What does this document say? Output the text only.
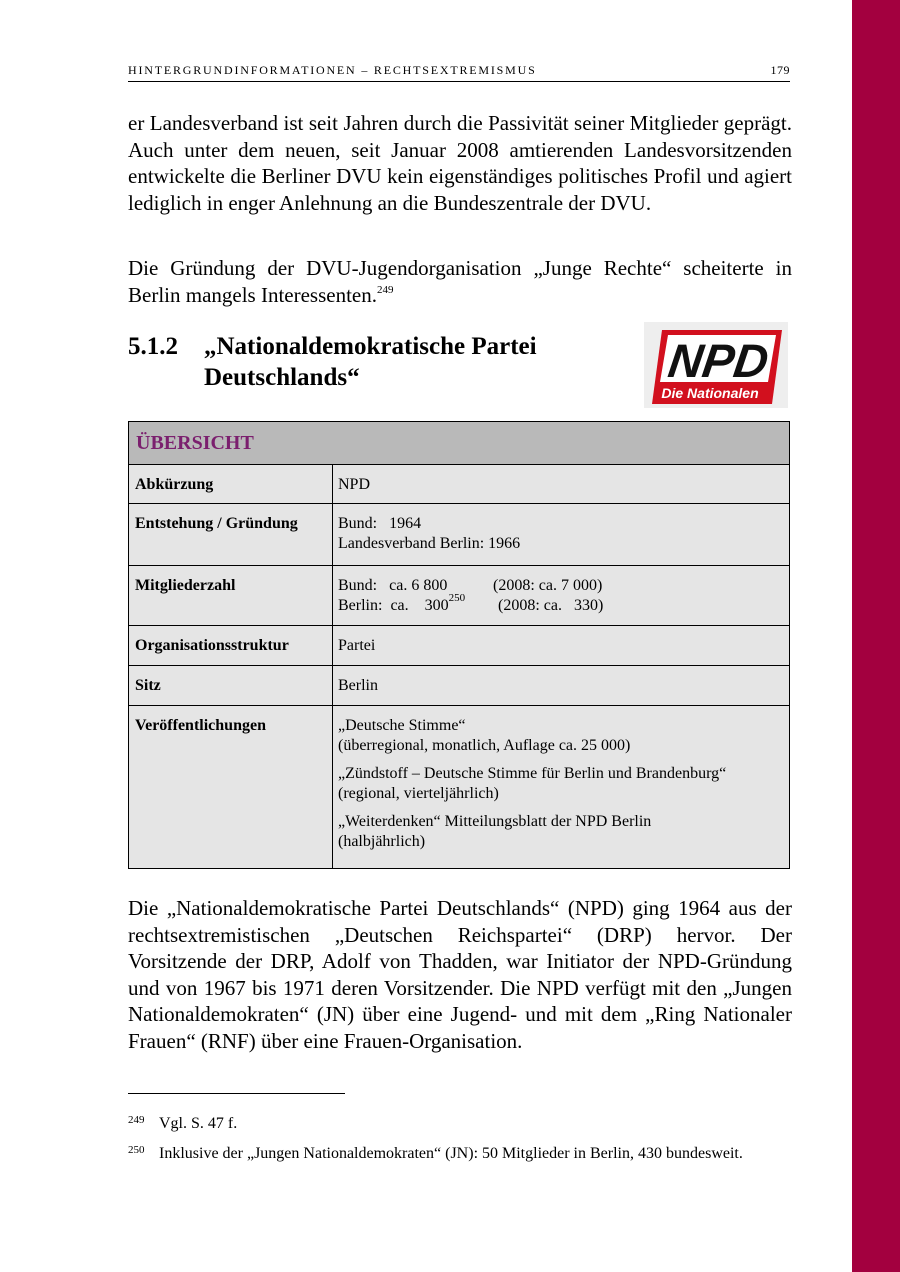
HINTERGRUNDINFORMATIONEN – RECHTSEXTREMISMUS	179
er Landesverband ist seit Jahren durch die Passivität seiner Mitglieder geprägt. Auch unter dem neuen, seit Januar 2008 amtierenden Landesvorsitzenden entwickelte die Berliner DVU kein eigenständiges politisches Profil und agiert lediglich in enger Anlehnung an die Bundeszentrale der DVU.
Die Gründung der DVU-Jugendorganisation „Junge Rechte“ scheiterte in Berlin mangels Interessenten.$^{249}$
5.1.2 „Nationaldemokratische Partei Deutschlands“	NPD
Die Nationalen
ÜBERSICHT
Abkürzung	NPD
Entstehung / Gründung	Bund:   1964
Landesverband Berlin: 1966
Mitgliederzahl	Bund:   ca. 6 800	(2008: ca. 7 000)
Berlin:  ca.    $300^{250}$ (2008: ca.   330)
Organisationsstruktur	Partei
Sitz	Berlin
Veröffentlichungen	„Deutsche Stimme“
(überregional, monatlich, Auflage ca. 25 000)
„Zündstoff – Deutsche Stimme für Berlin und Brandenburg“
(regional, vierteljährlich)
„Weiterdenken“ Mitteilungsblatt der NPD Berlin
(halbjährlich)
Die „Nationaldemokratische Partei Deutschlands“ (NPD) ging 1964 aus der rechtsextremistischen „Deutschen Reichspartei“ (DRP) hervor. Der Vorsitzende der DRP, Adolf von Thadden, war Initiator der NPD-Gründung und von 1967 bis 1971 deren Vorsitzender. Die NPD verfügt mit den „Jungen Nationaldemokraten“ (JN) über eine Jugend- und mit dem „Ring Nationaler Frauen“ (RNF) über eine Frauen-Organisation.
249 Vgl. S. 47 f.
250 Inklusive der „Jungen Nationaldemokraten“ (JN): 50 Mitglieder in Berlin, 430 bundesweit.
